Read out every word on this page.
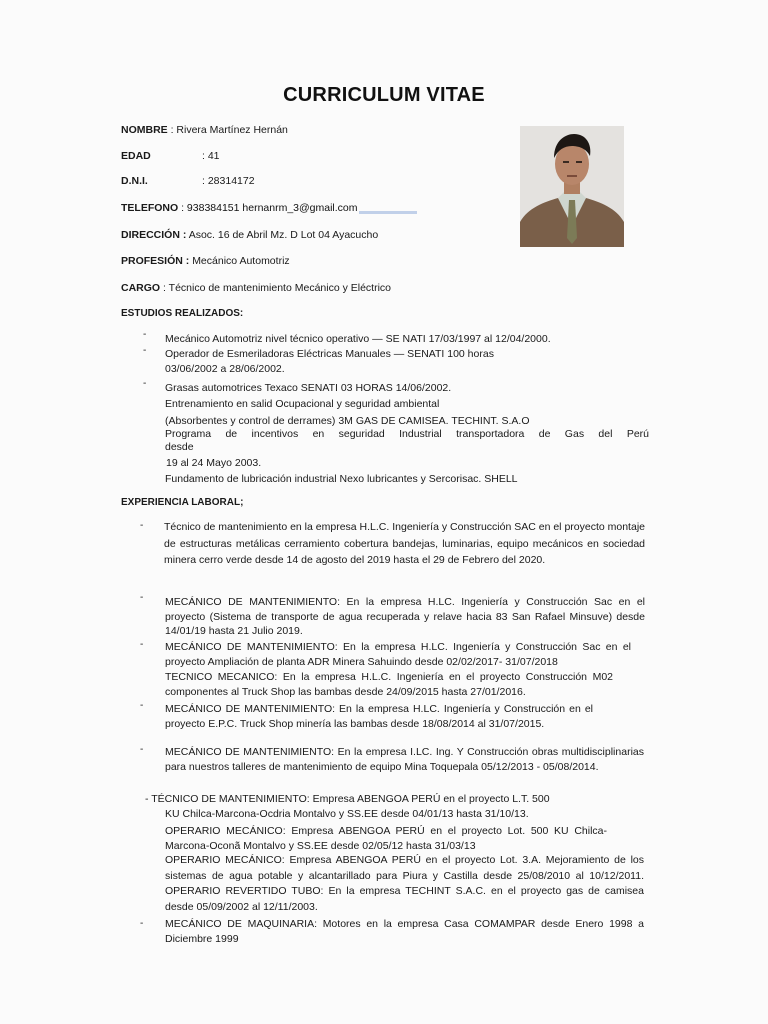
CURRICULUM VITAE
NOMBRE : Rivera Martínez Hernán
EDAD	: 41
D.N.I.	: 28314172
TELEFONO : 938384151 hernanrm_3@gmail.com
DIRECCIÓN : Asoc. 16 de Abril Mz. D Lot 04 Ayacucho
PROFESIÓN : Mecánico Automotriz
CARGO : Técnico de mantenimiento Mecánico y Eléctrico
ESTUDIOS REALIZADOS:
- Mecánico Automotriz nivel técnico operativo — SE NATI 17/03/1997 al 12/04/2000.
- Operador de Esmeriladoras Eléctricas Manuales — SENATI 100 horas
03/06/2002 a 28/06/2002.
- Grasas automotrices Texaco SENATI 03 HORAS 14/06/2002.
Entrenamiento en salid Ocupacional y seguridad ambiental
(Absorbentes y control de derrames) 3M GAS DE CAMISEA. TECHINT. S.A.O
Programa de incentivos en seguridad Industrial transportadora de Gas del Perú
desde
19 al 24 Mayo 2003.
Fundamento de lubricación industrial Nexo lubricantes y Sercorisac. SHELL
EXPERIENCIA LABORAL;
- Técnico de mantenimiento en la empresa H.L.C. Ingeniería y Construcción SAC en el proyecto montaje de estructuras metálicas cerramiento cobertura bandejas, luminarias, equipo mecánicos en sociedad minera cerro verde desde 14 de agosto del 2019 hasta el 29 de Febrero del 2020.
- MECÁNICO DE MANTENIMIENTO: En la empresa H.LC. Ingeniería y Construcción Sac en el proyecto (Sistema de transporte de agua recuperada y relave hacia 83 San Rafael Minsuve) desde 14/01/19 hasta 21 Julio 2019.
- MECÁNICO DE MANTENIMIENTO: En la empresa H.LC. Ingeniería y Construcción Sac en el proyecto Ampliación de planta ADR Minera Sahuindo desde 02/02/2017- 31/07/2018
TECNICO MECANICO: En la empresa H.L.C. Ingeniería en el proyecto Construcción M02 componentes al Truck Shop las bambas desde 24/09/2015 hasta 27/01/2016.
- MECÁNICO DE MANTENIMIENTO: En la empresa H.LC. Ingeniería y Construcción en el proyecto E.P.C. Truck Shop minería las bambas desde 18/08/2014 al 31/07/2015.
- MECÁNICO DE MANTENIMIENTO: En la empresa I.LC. Ing. Y Construcción obras multidisciplinarias para nuestros talleres de mantenimiento de equipo Mina Toquepala 05/12/2013 - 05/08/2014.
- TÉCNICO DE MANTENIMIENTO: Empresa ABENGOA PERÚ en el proyecto L.T. 500
KU Chilca-Marcona-Ocdria Montalvo y SS.EE desde 04/01/13 hasta 31/10/13.
OPERARIO MECÁNICO: Empresa ABENGOA PERÚ en el proyecto Lot. 500 KU Chilca-Marcona-Oconã Montalvo y SS.EE desde 02/05/12 hasta 31/03/13
OPERARIO MECÁNICO: Empresa ABENGOA PERÚ en el proyecto Lot. 3.A. Mejoramiento de los sistemas de agua potable y alcantarillado para Piura y Castilla desde 25/08/2010 al 10/12/2011. OPERARIO REVERTIDO TUBO: En la empresa TECHINT S.A.C. en el proyecto gas de camisea desde 05/09/2002 al 12/11/2003.
- MECÁNICO DE MAQUINARIA: Motores en la empresa Casa COMAMPAR desde Enero 1998 a Diciembre 1999
